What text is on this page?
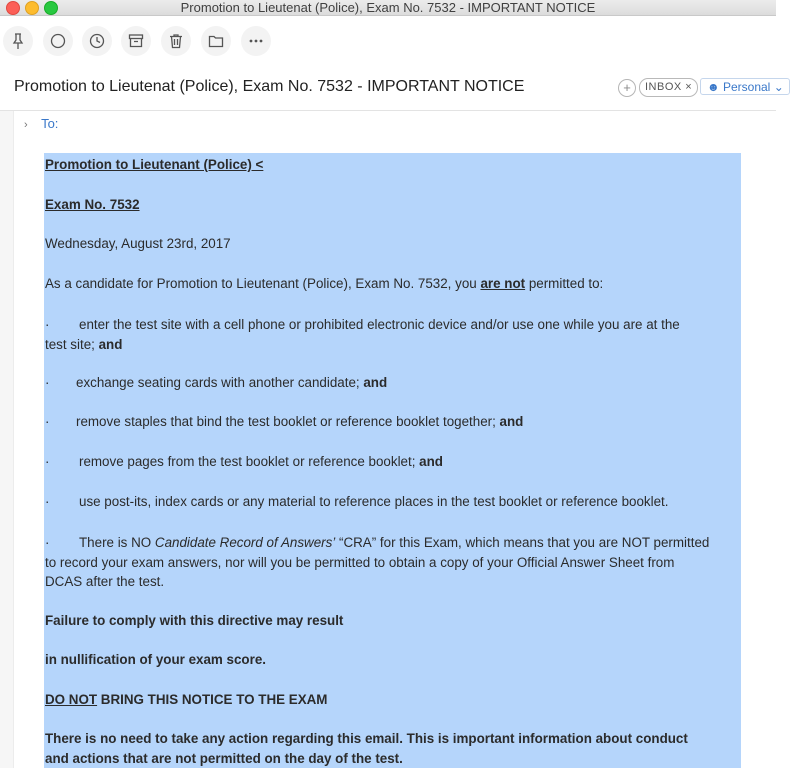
Promotion to Lieutenat (Police), Exam No. 7532 - IMPORTANT NOTICE
Promotion to Lieutenat (Police), Exam No. 7532 - IMPORTANT NOTICE	+	INBOX ×	☻ Personal ⌄
› To:
Promotion to Lieutenant (Police) <
Exam No. 7532
Wednesday, August 23rd, 2017
As a candidate for Promotion to Lieutenant (Police), Exam No. 7532, you are not permitted to:
· enter the test site with a cell phone or prohibited electronic device and/or use one while you are at the
test site; and
· exchange seating cards with another candidate; and
· remove staples that bind the test booklet or reference booklet together; and
· remove pages from the test booklet or reference booklet; and
· use post-its, index cards or any material to reference places in the test booklet or reference booklet.
· There is NO Candidate Record of Answers’ “CRA” for this Exam, which means that you are NOT permitted
to record your exam answers, nor will you be permitted to obtain a copy of your Official Answer Sheet from
DCAS after the test.
Failure to comply with this directive may result
in nullification of your exam score.
DO NOT BRING THIS NOTICE TO THE EXAM
There is no need to take any action regarding this email. This is important information about conduct
and actions that are not permitted on the day of the test.
